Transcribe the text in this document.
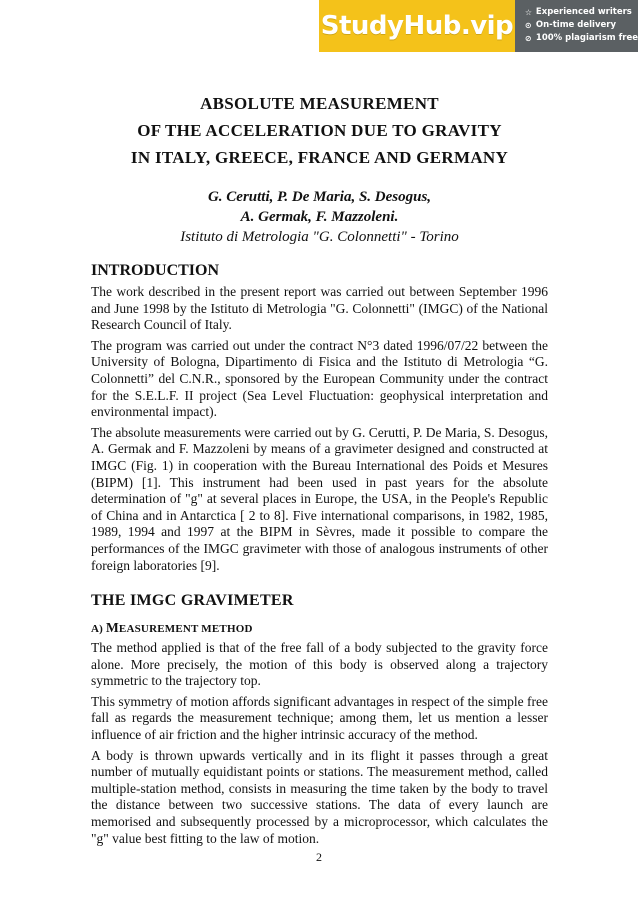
StudyHub.vip ☆ Experienced writers
⊙ On-time delivery
⊘ 100% plagiarism free
ABSOLUTE MEASUREMENT
OF THE ACCELERATION DUE TO GRAVITY
IN ITALY, GREECE, FRANCE AND GERMANY
G. Cerutti, P. De Maria, S. Desogus,
A. Germak, F. Mazzoleni.
Istituto di Metrologia "G. Colonnetti" - Torino
INTRODUCTION

The work described in the present report was carried out between September 1996 and June 1998 by the Istituto di Metrologia "G. Colonnetti" (IMGC) of the National Research Council of Italy.

The program was carried out under the contract N°3 dated 1996/07/22 between the University of Bologna, Dipartimento di Fisica and the Istituto di Metrologia “G. Colonnetti” del C.N.R., sponsored by the European Community under the contract for the S.E.L.F. II project (Sea Level Fluctuation: geophysical interpretation and environmental impact).

The absolute measurements were carried out by G. Cerutti, P. De Maria, S. Desogus, A. Germak and F. Mazzoleni by means of a gravimeter designed and constructed at IMGC (Fig. 1) in cooperation with the Bureau International des Poids et Mesures (BIPM) [1]. This instrument had been used in past years for the absolute determination of "g" at several places in Europe, the USA, in the People's Republic of China and in Antarctica [ 2 to 8]. Five international comparisons, in 1982, 1985, 1989, 1994 and 1997 at the BIPM in Sèvres, made it possible to compare the performances of the IMGC gravimeter with those of analogous instruments of other foreign laboratories [9].

THE IMGC GRAVIMETER
A) MEASUREMENT METHOD

The method applied is that of the free fall of a body subjected to the gravity force alone. More precisely, the motion of this body is observed along a trajectory symmetric to the trajectory top.

This symmetry of motion affords significant advantages in respect of the simple free fall as regards the measurement technique; among them, let us mention a lesser influence of air friction and the higher intrinsic accuracy of the method.

A body is thrown upwards vertically and in its flight it passes through a great number of mutually equidistant points or stations. The measurement method, called multiple-station method, consists in measuring the time taken by the body to travel the distance between two successive stations. The data of every launch are memorised and subsequently processed by a microprocessor, which calculates the "g" value best fitting to the law of motion.

2
